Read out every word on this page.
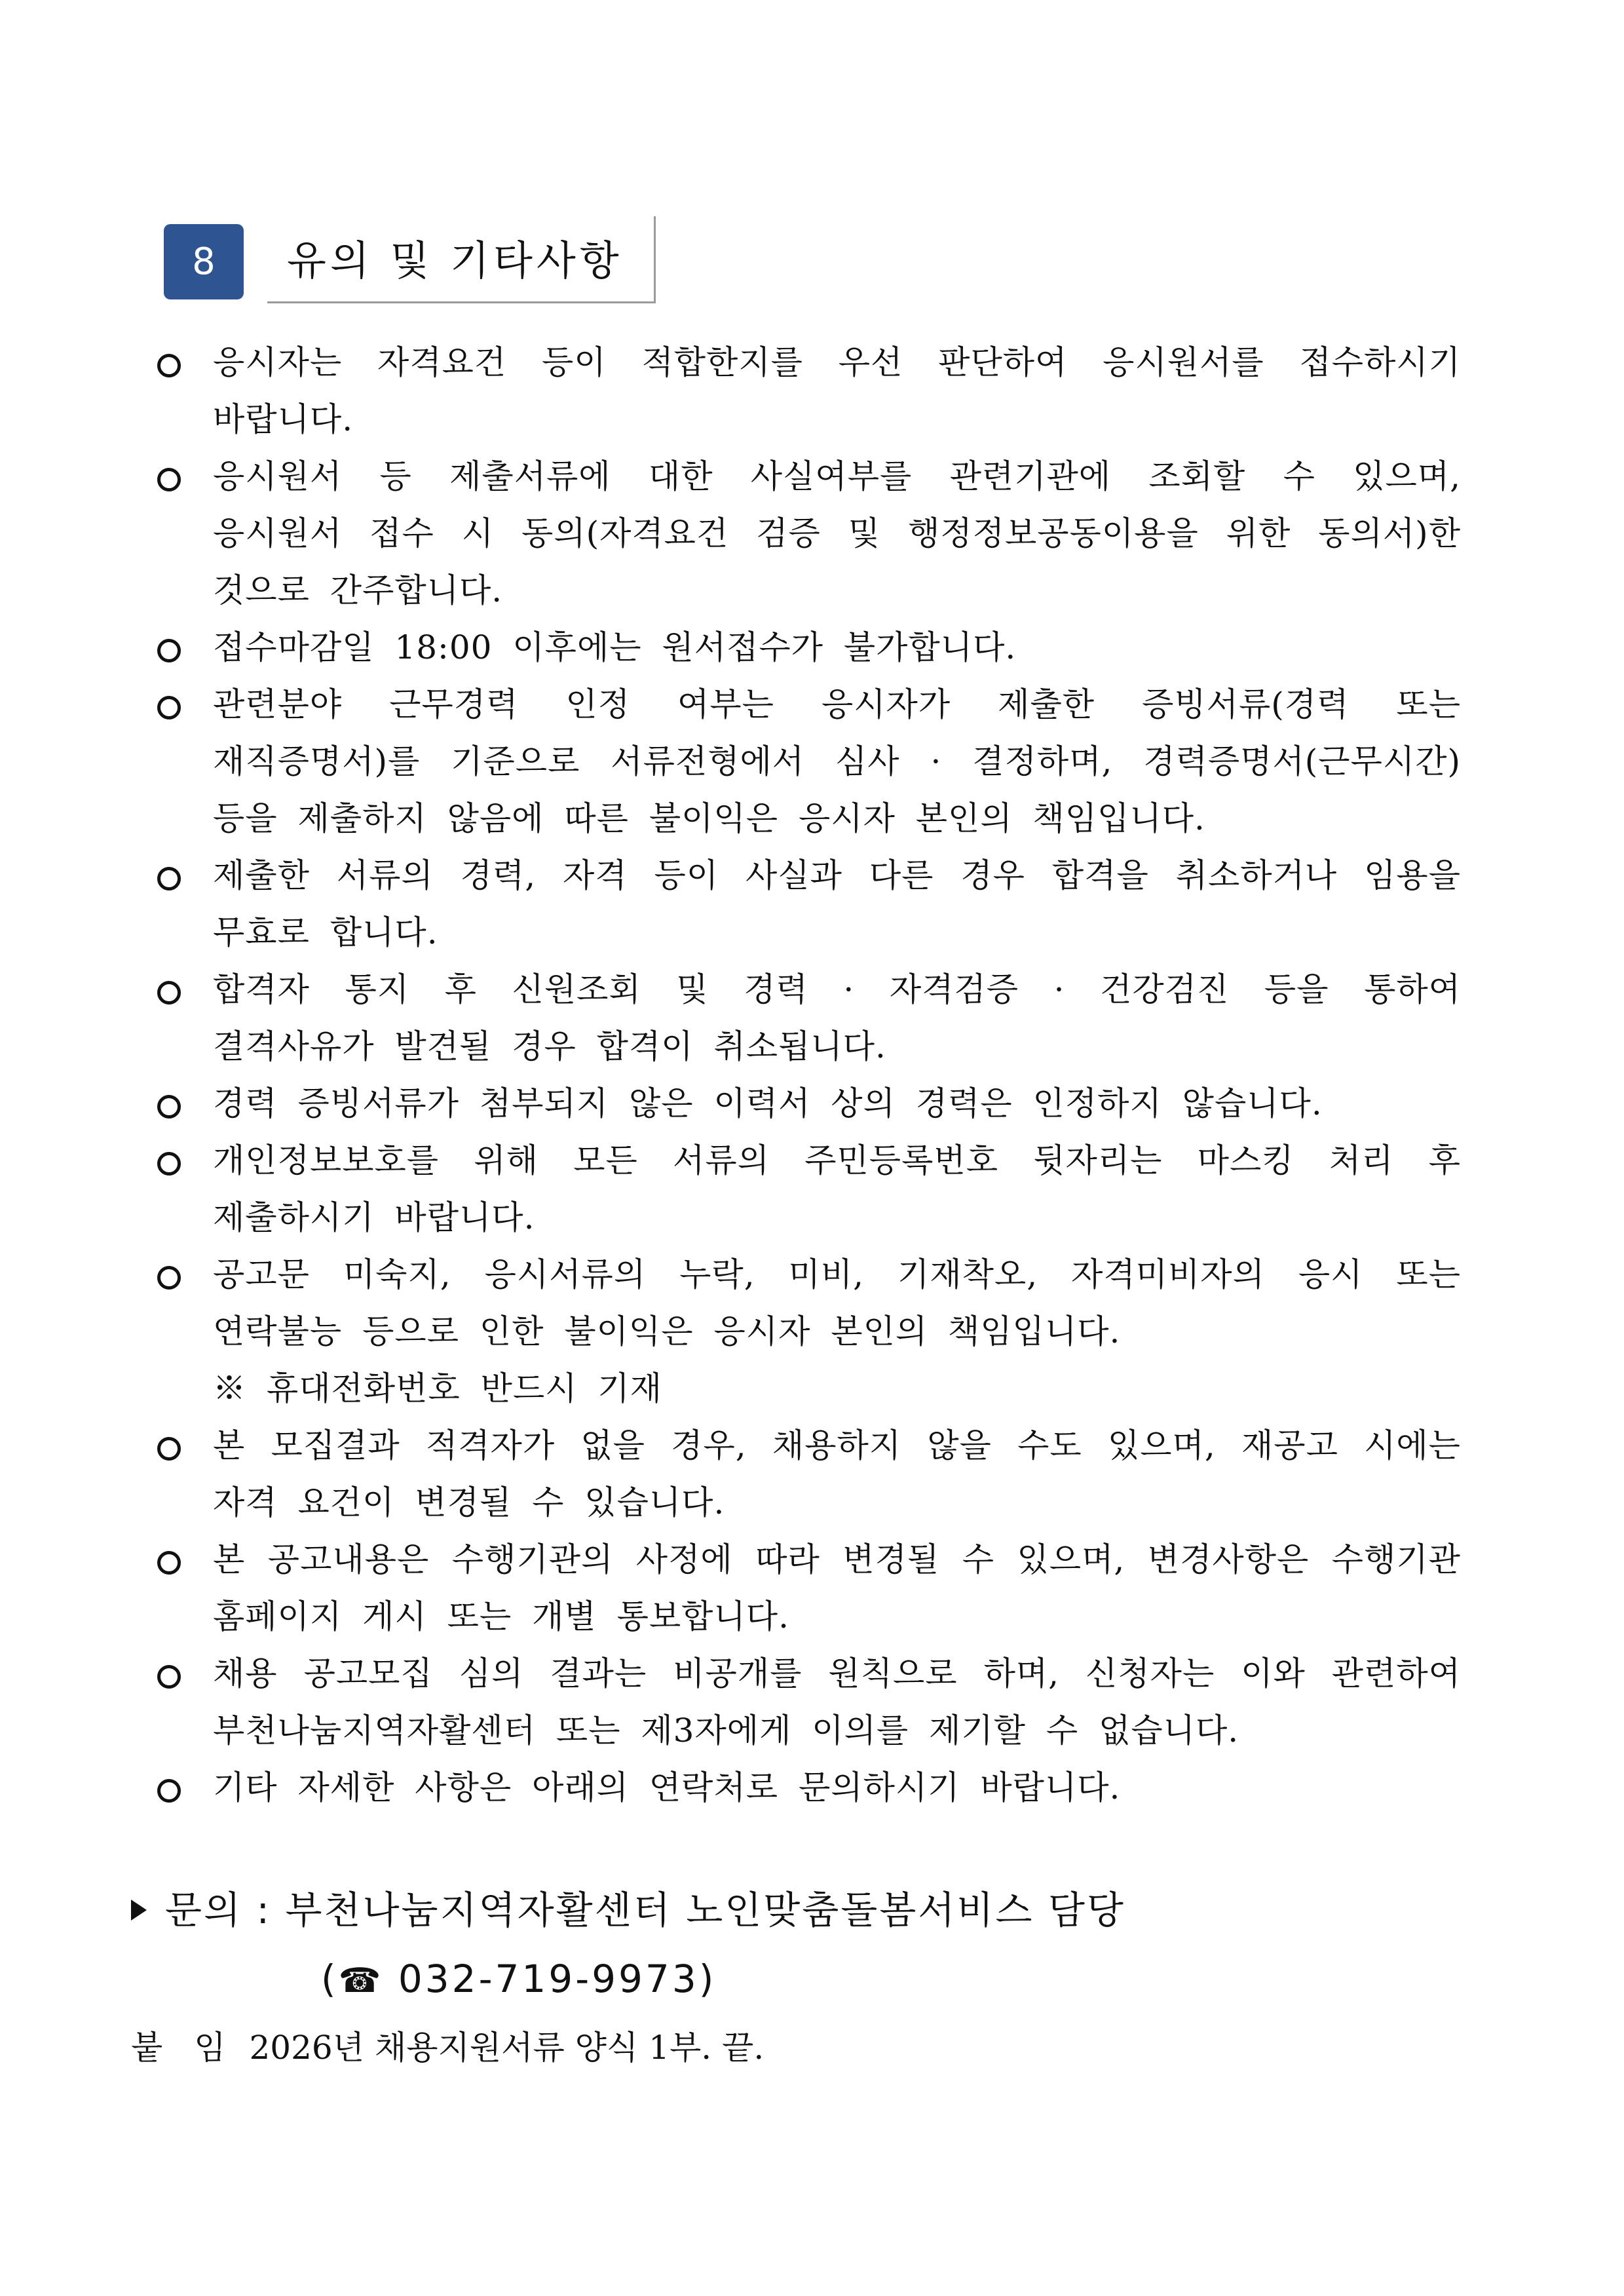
8	유의 및 기타사항
응시자는 자격요건 등이 적합한지를 우선 판단하여 응시원서를 접수하시기 바랍니다.
응시원서 등 제출서류에 대한 사실여부를 관련기관에 조회할 수 있으며, 응시원서 접수 시 동의(자격요건 검증 및 행정정보공동이용을 위한 동의서)한 것으로 간주합니다.
접수마감일 18:00 이후에는 원서접수가 불가합니다.
관련분야 근무경력 인정 여부는 응시자가 제출한 증빙서류(경력 또는 재직증명서)를 기준으로 서류전형에서 심사 · 결정하며, 경력증명서(근무시간) 등을 제출하지 않음에 따른 불이익은 응시자 본인의 책임입니다.
제출한 서류의 경력, 자격 등이 사실과 다른 경우 합격을 취소하거나 임용을 무효로 합니다.
합격자 통지 후 신원조회 및 경력 · 자격검증 · 건강검진 등을 통하여 결격사유가 발견될 경우 합격이 취소됩니다.
경력 증빙서류가 첨부되지 않은 이력서 상의 경력은 인정하지 않습니다.
개인정보보호를 위해 모든 서류의 주민등록번호 뒷자리는 마스킹 처리 후 제출하시기 바랍니다.
공고문 미숙지, 응시서류의 누락, 미비, 기재착오, 자격미비자의 응시 또는 연락불능 등으로 인한 불이익은 응시자 본인의 책임입니다.
※ 휴대전화번호 반드시 기재
본 모집결과 적격자가 없을 경우, 채용하지 않을 수도 있으며, 재공고 시에는 자격 요건이 변경될 수 있습니다.
본 공고내용은 수행기관의 사정에 따라 변경될 수 있으며, 변경사항은 수행기관 홈페이지 게시 또는 개별 통보합니다.
채용 공고모집 심의 결과는 비공개를 원칙으로 하며, 신청자는 이와 관련하여 부천나눔지역자활센터 또는 제3자에게 이의를 제기할 수 없습니다.
기타 자세한 사항은 아래의 연락처로 문의하시기 바랍니다.
문의 : 부천나눔지역자활센터 노인맞춤돌봄서비스 담당
(☎ 032-719-9973)
붙 임 2026년 채용지원서류 양식 1부. 끝.
